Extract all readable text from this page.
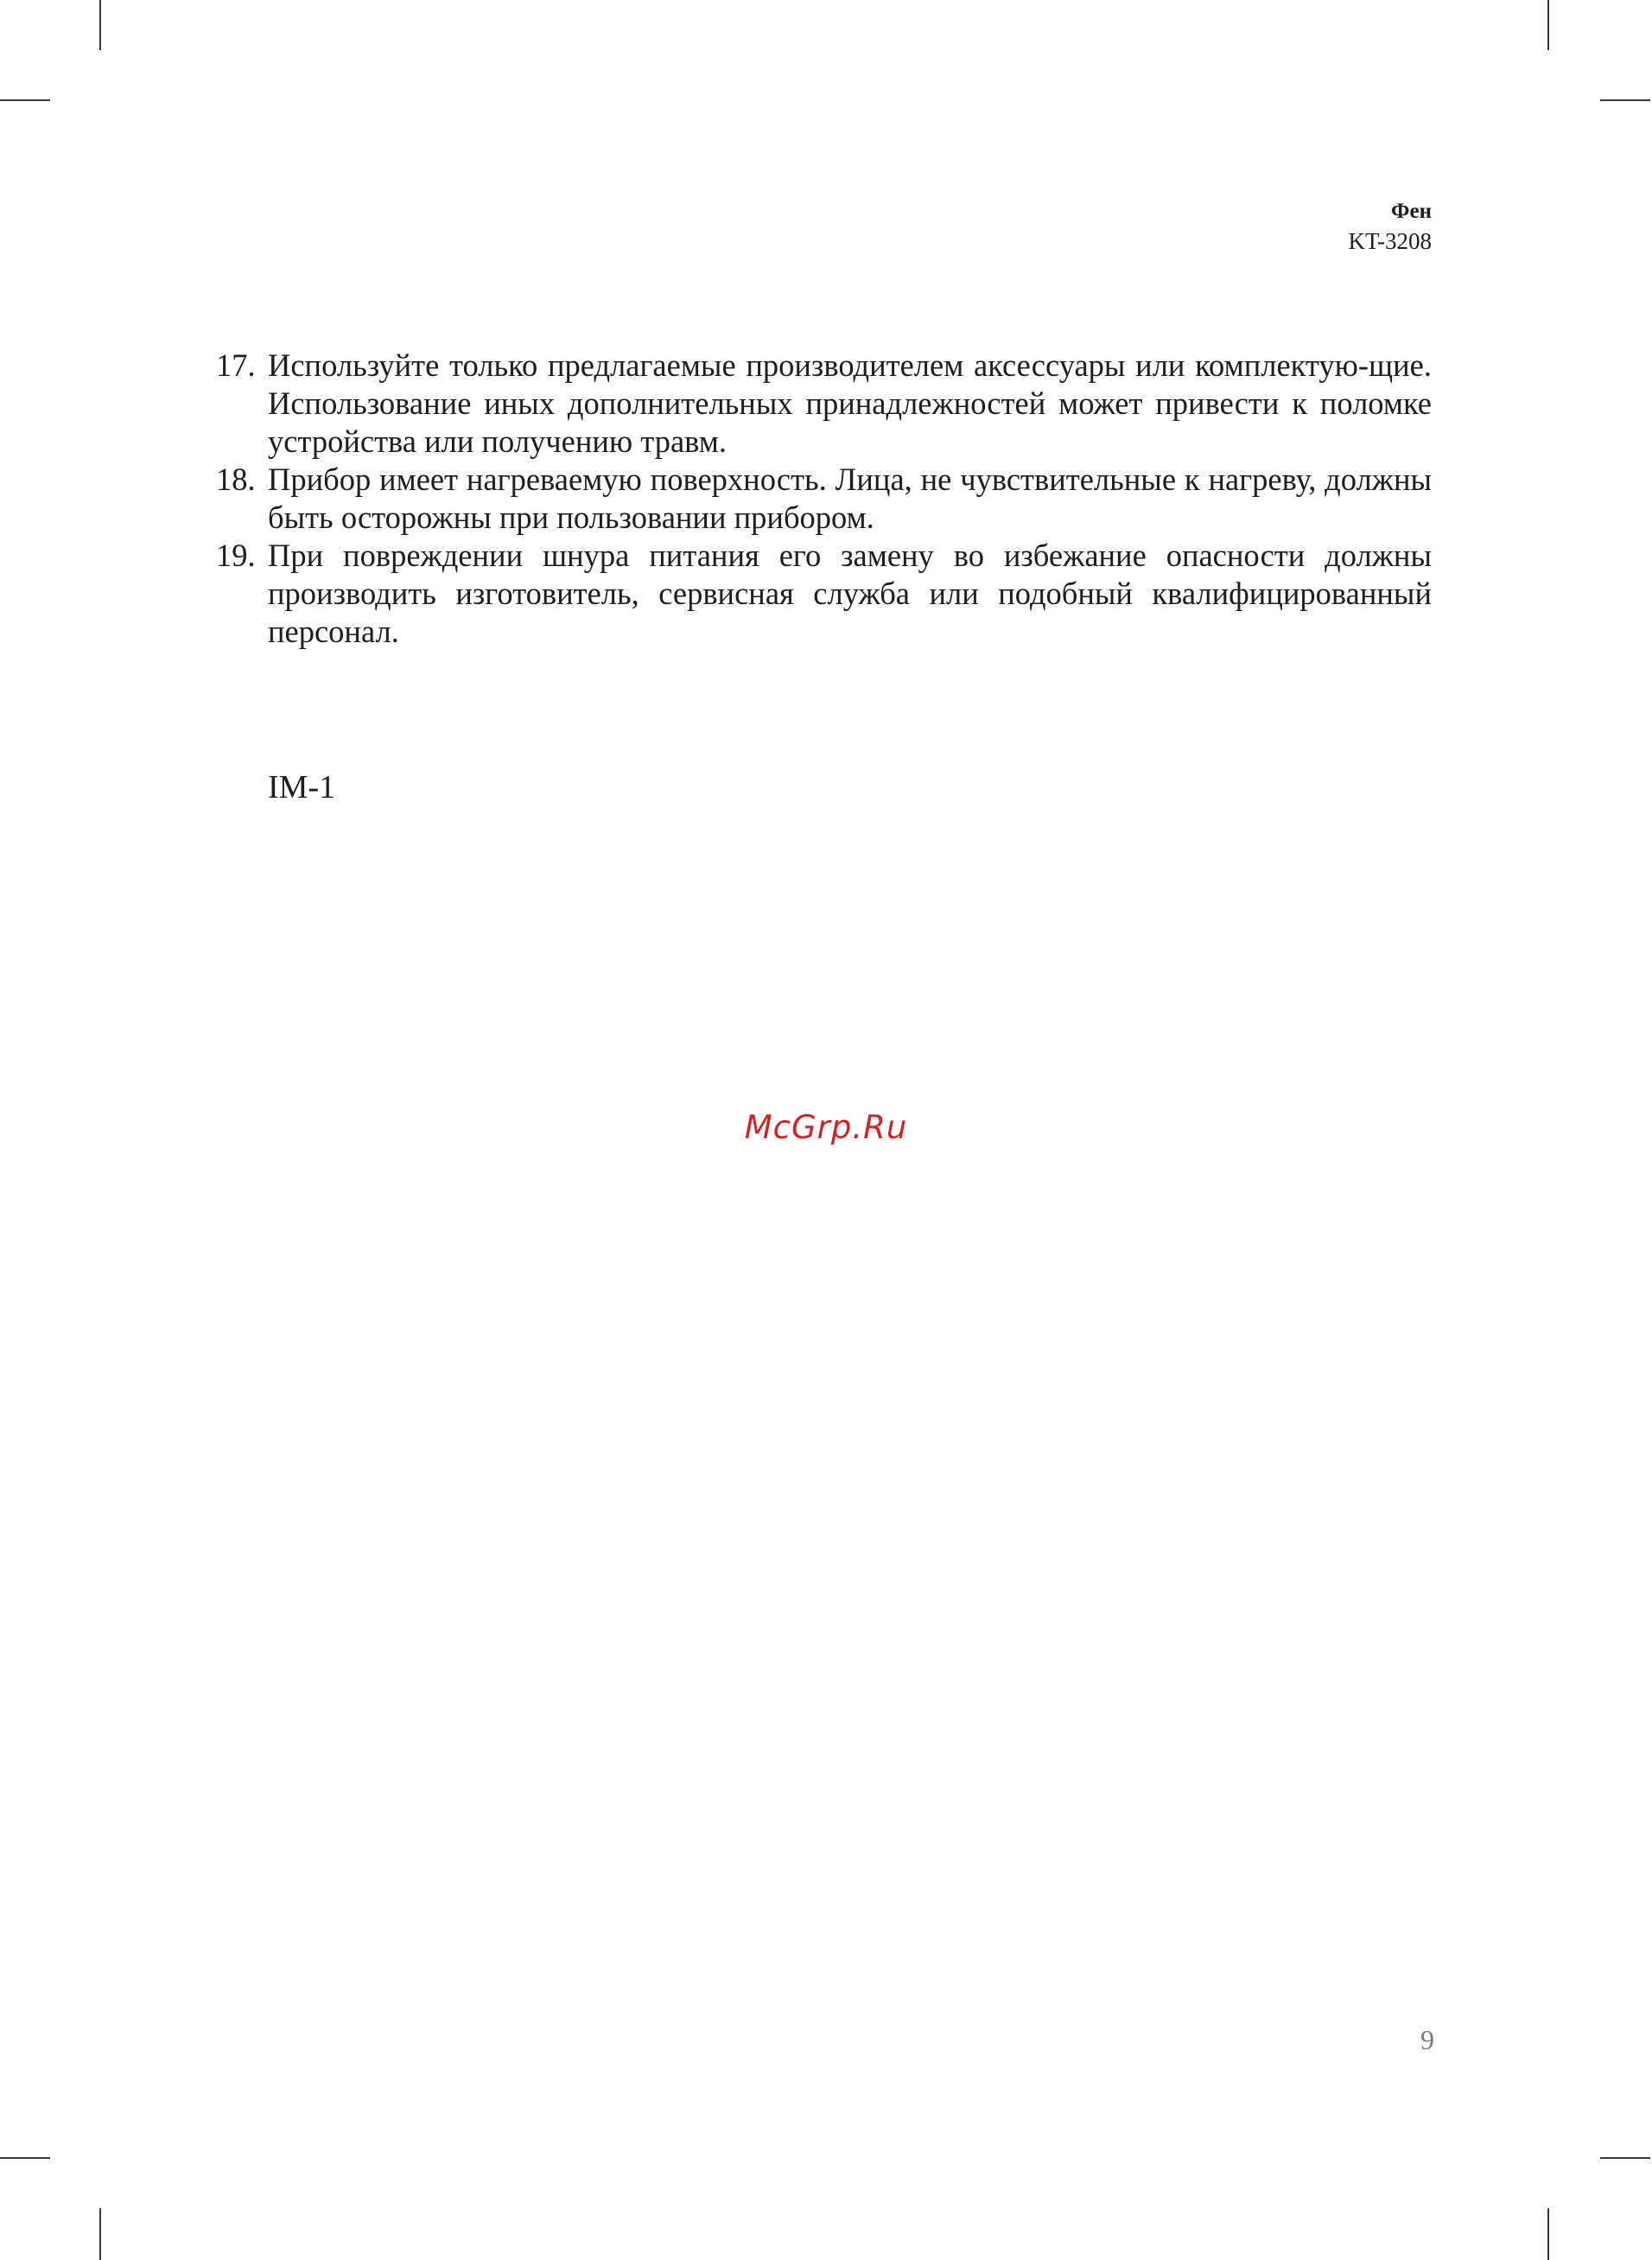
Фен
KT-3208
17. Используйте только предлагаемые производителем аксессуары или комплектую-щие. Использование иных дополнительных принадлежностей может привести к поломке устройства или получению травм.
18. Прибор имеет нагреваемую поверхность. Лица, не чувствительные к нагреву, должны быть осторожны при пользовании прибором.
19. При повреждении шнура питания его замену во избежание опасности должны производить изготовитель, сервисная служба или подобный квалифицированный персонал.
IM-1
McGrp.Ru
9
